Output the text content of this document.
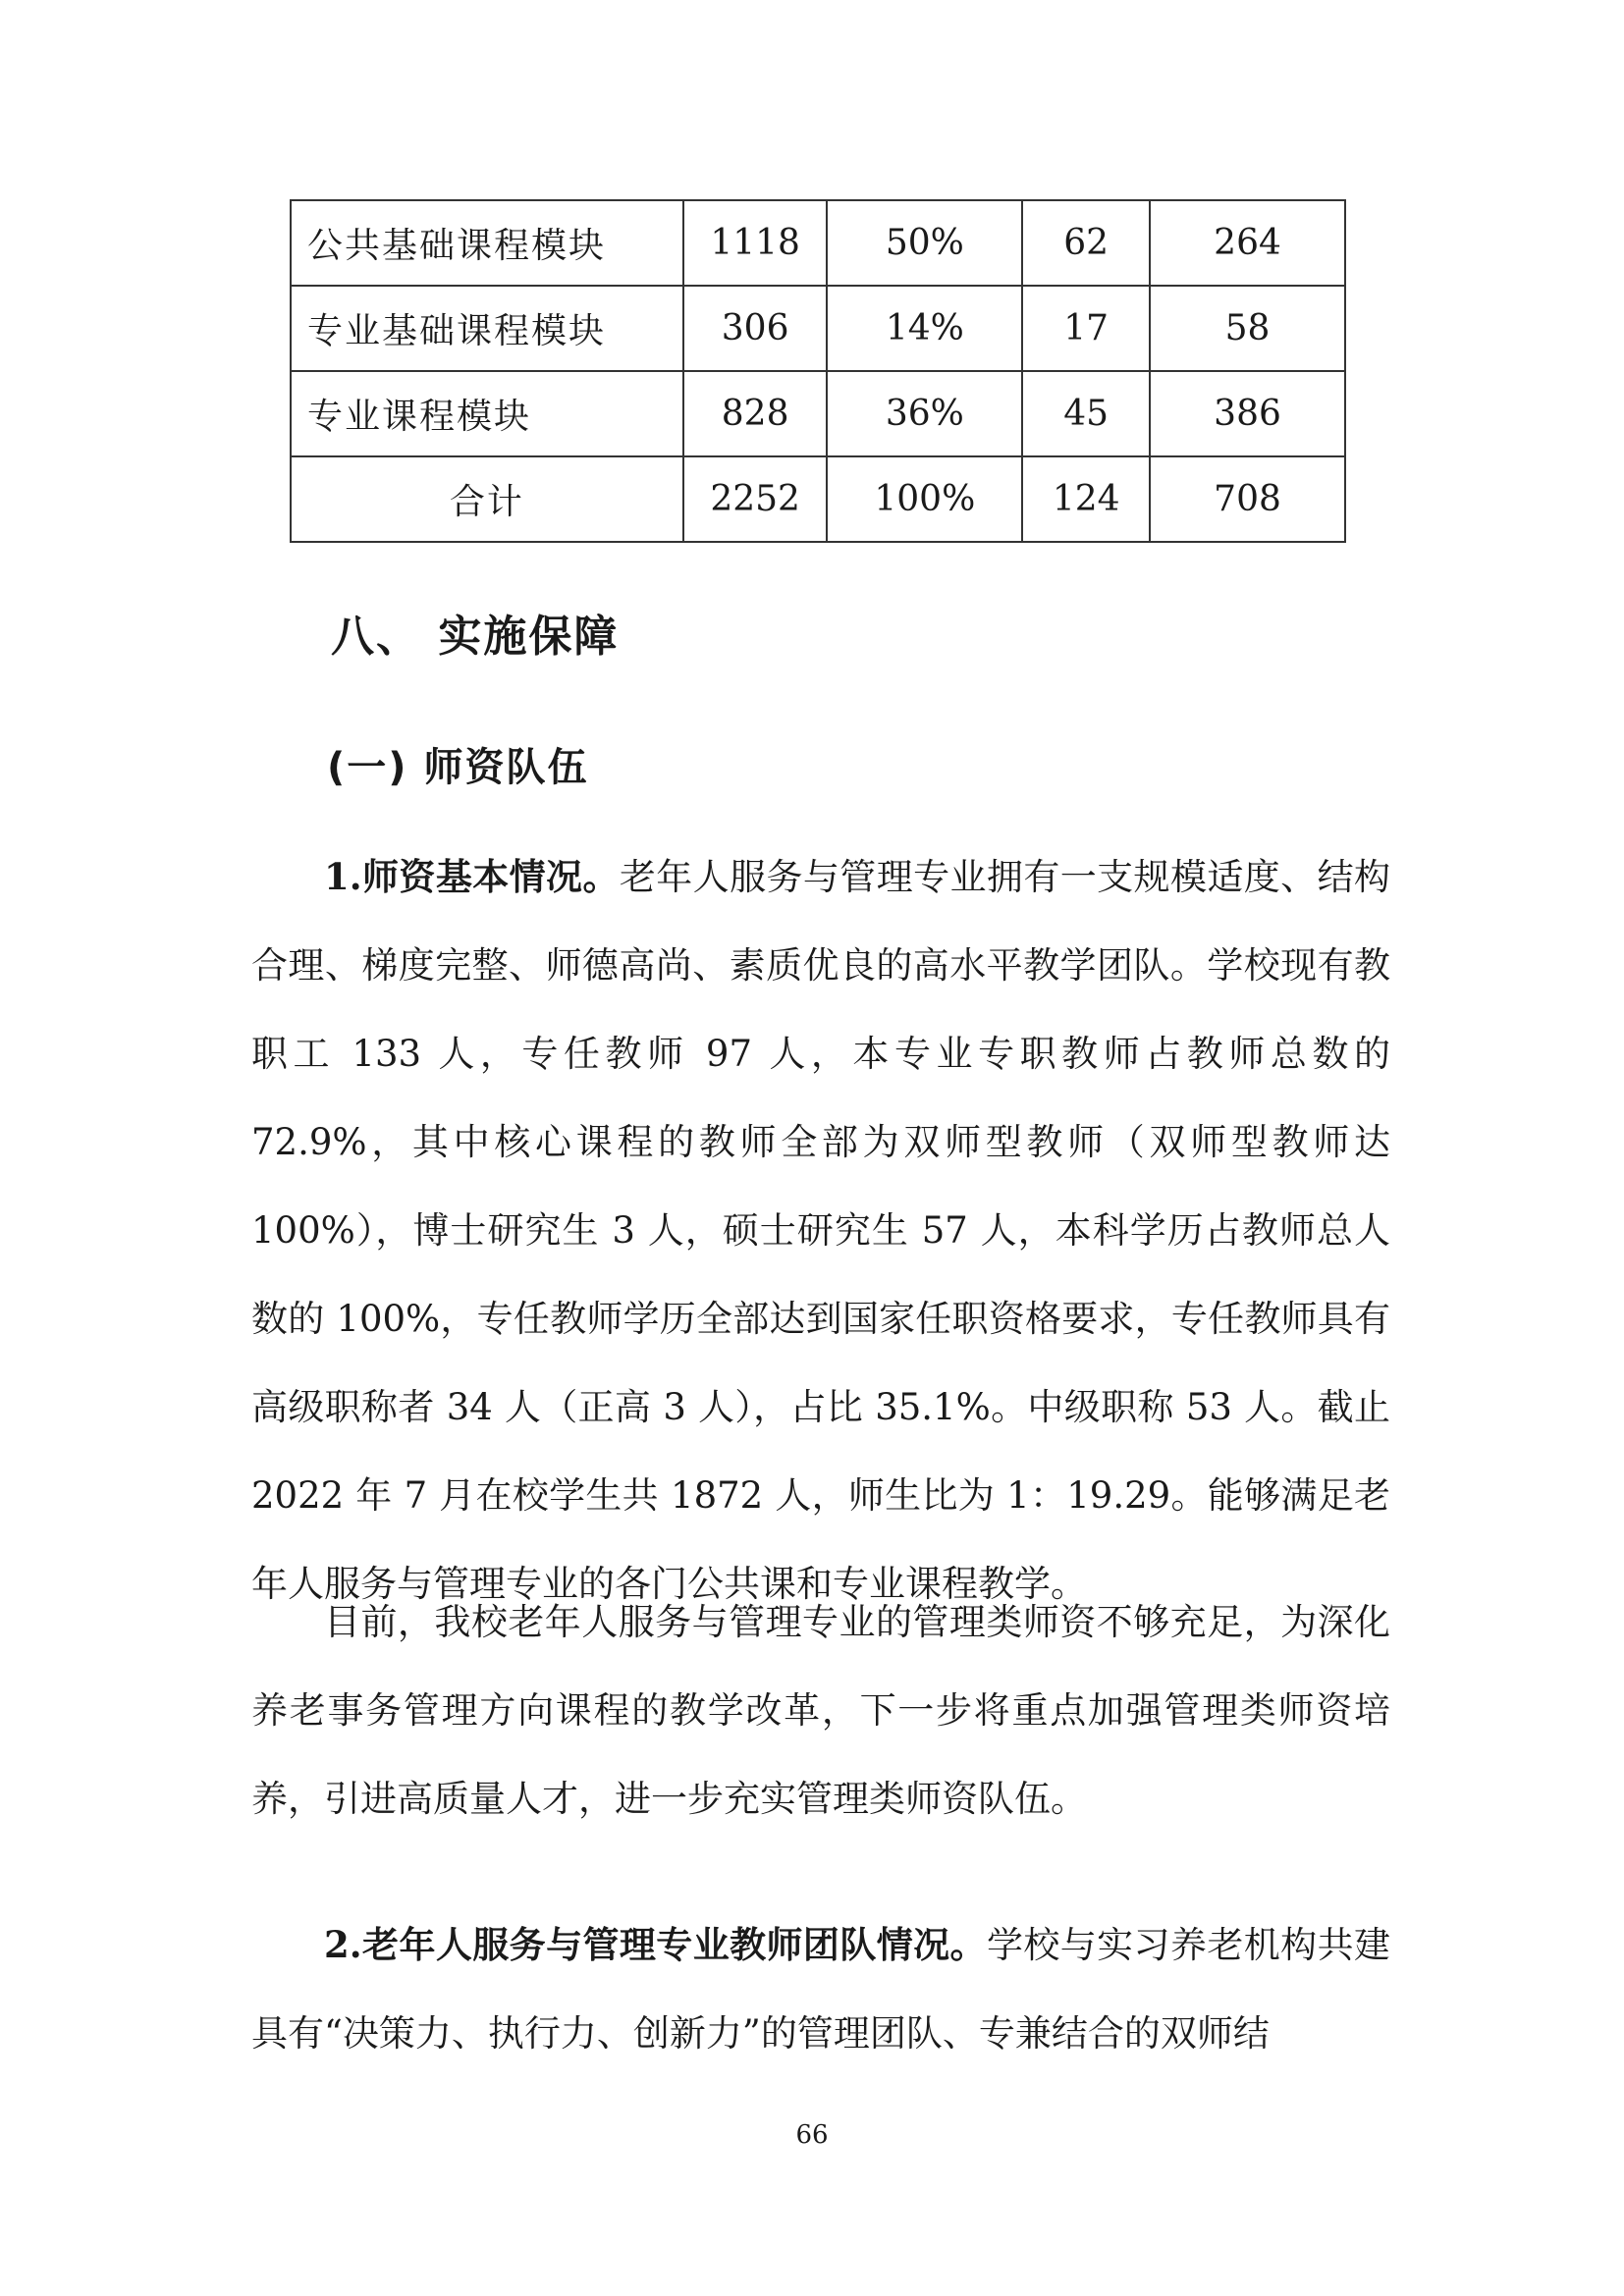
公共基础课程模块	1118	50%	62	264
专业基础课程模块	306	14%	17	58
专业课程模块	828	36%	45	386
合计	2252	100%	124	708
八、 实施保障
(一) 师资队伍

1.师资基本情况。老年人服务与管理专业拥有一支规模适度、结构合理、梯度完整、师德高尚、素质优良的高水平教学团队。学校现有教职工 133 人，专任教师 97 人，本专业专职教师占教师总数的 72.9%，其中核心课程的教师全部为双师型教师（双师型教师达 100%），博士研究生 3 人，硕士研究生 57 人，本科学历占教师总人数的 100%，专任教师学历全部达到国家任职资格要求，专任教师具有高级职称者 34 人（正高 3 人），占比 35.1%。中级职称 53 人。截止 2022 年 7 月在校学生共 1872 人，师生比为 1：19.29。能够满足老年人服务与管理专业的各门公共课和专业课程教学。

目前，我校老年人服务与管理专业的管理类师资不够充足，为深化养老事务管理方向课程的教学改革，下一步将重点加强管理类师资培养，引进高质量人才，进一步充实管理类师资队伍。

2.老年人服务与管理专业教师团队情况。学校与实习养老机构共建具有“决策力、执行力、创新力”的管理团队、专兼结合的双师结

66
